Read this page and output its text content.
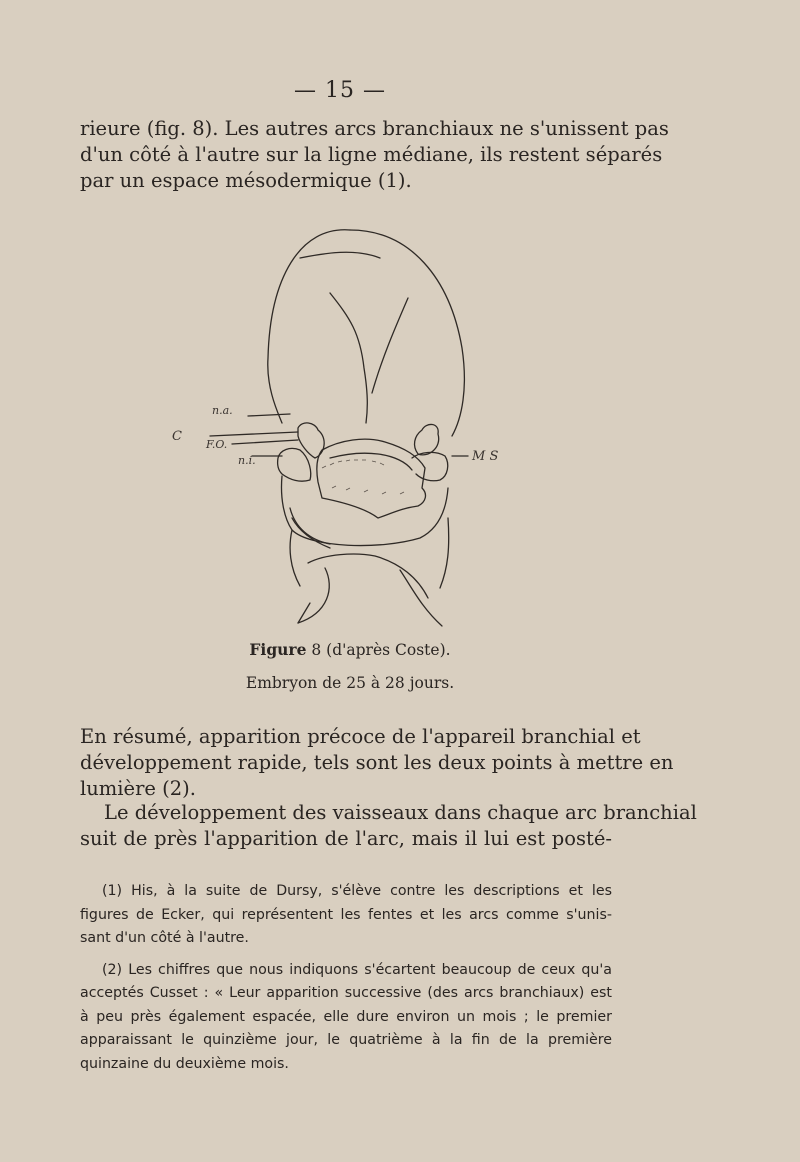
— 15 —
rieure (fig. 8). Les autres arcs branchiaux ne s'unissent pas
d'un côté à l'autre sur la ligne médiane, ils restent séparés
par un espace mésodermique (1).
n.a.
C
F.O.
n.i.	M S
Figure 8 (d'après Coste).
Embryon de 25 à 28 jours.
En résumé, apparition précoce de l'appareil branchial et
développement rapide, tels sont les deux points à mettre en
lumière (2).
Le développement des vaisseaux dans chaque arc branchial
suit de près l'apparition de l'arc, mais il lui est posté-
(1) His, à la suite de Dursy, s'élève contre les descriptions et les
figures de Ecker, qui représentent les fentes et les arcs comme s'unis-
sant d'un côté à l'autre.
(2) Les chiffres que nous indiquons s'écartent beaucoup de ceux qu'a
acceptés Cusset : « Leur apparition successive (des arcs branchiaux) est
à peu près également espacée, elle dure environ un mois ; le premier
apparaissant le quinzième jour, le quatrième à la fin de la première
quinzaine du deuxième mois.
